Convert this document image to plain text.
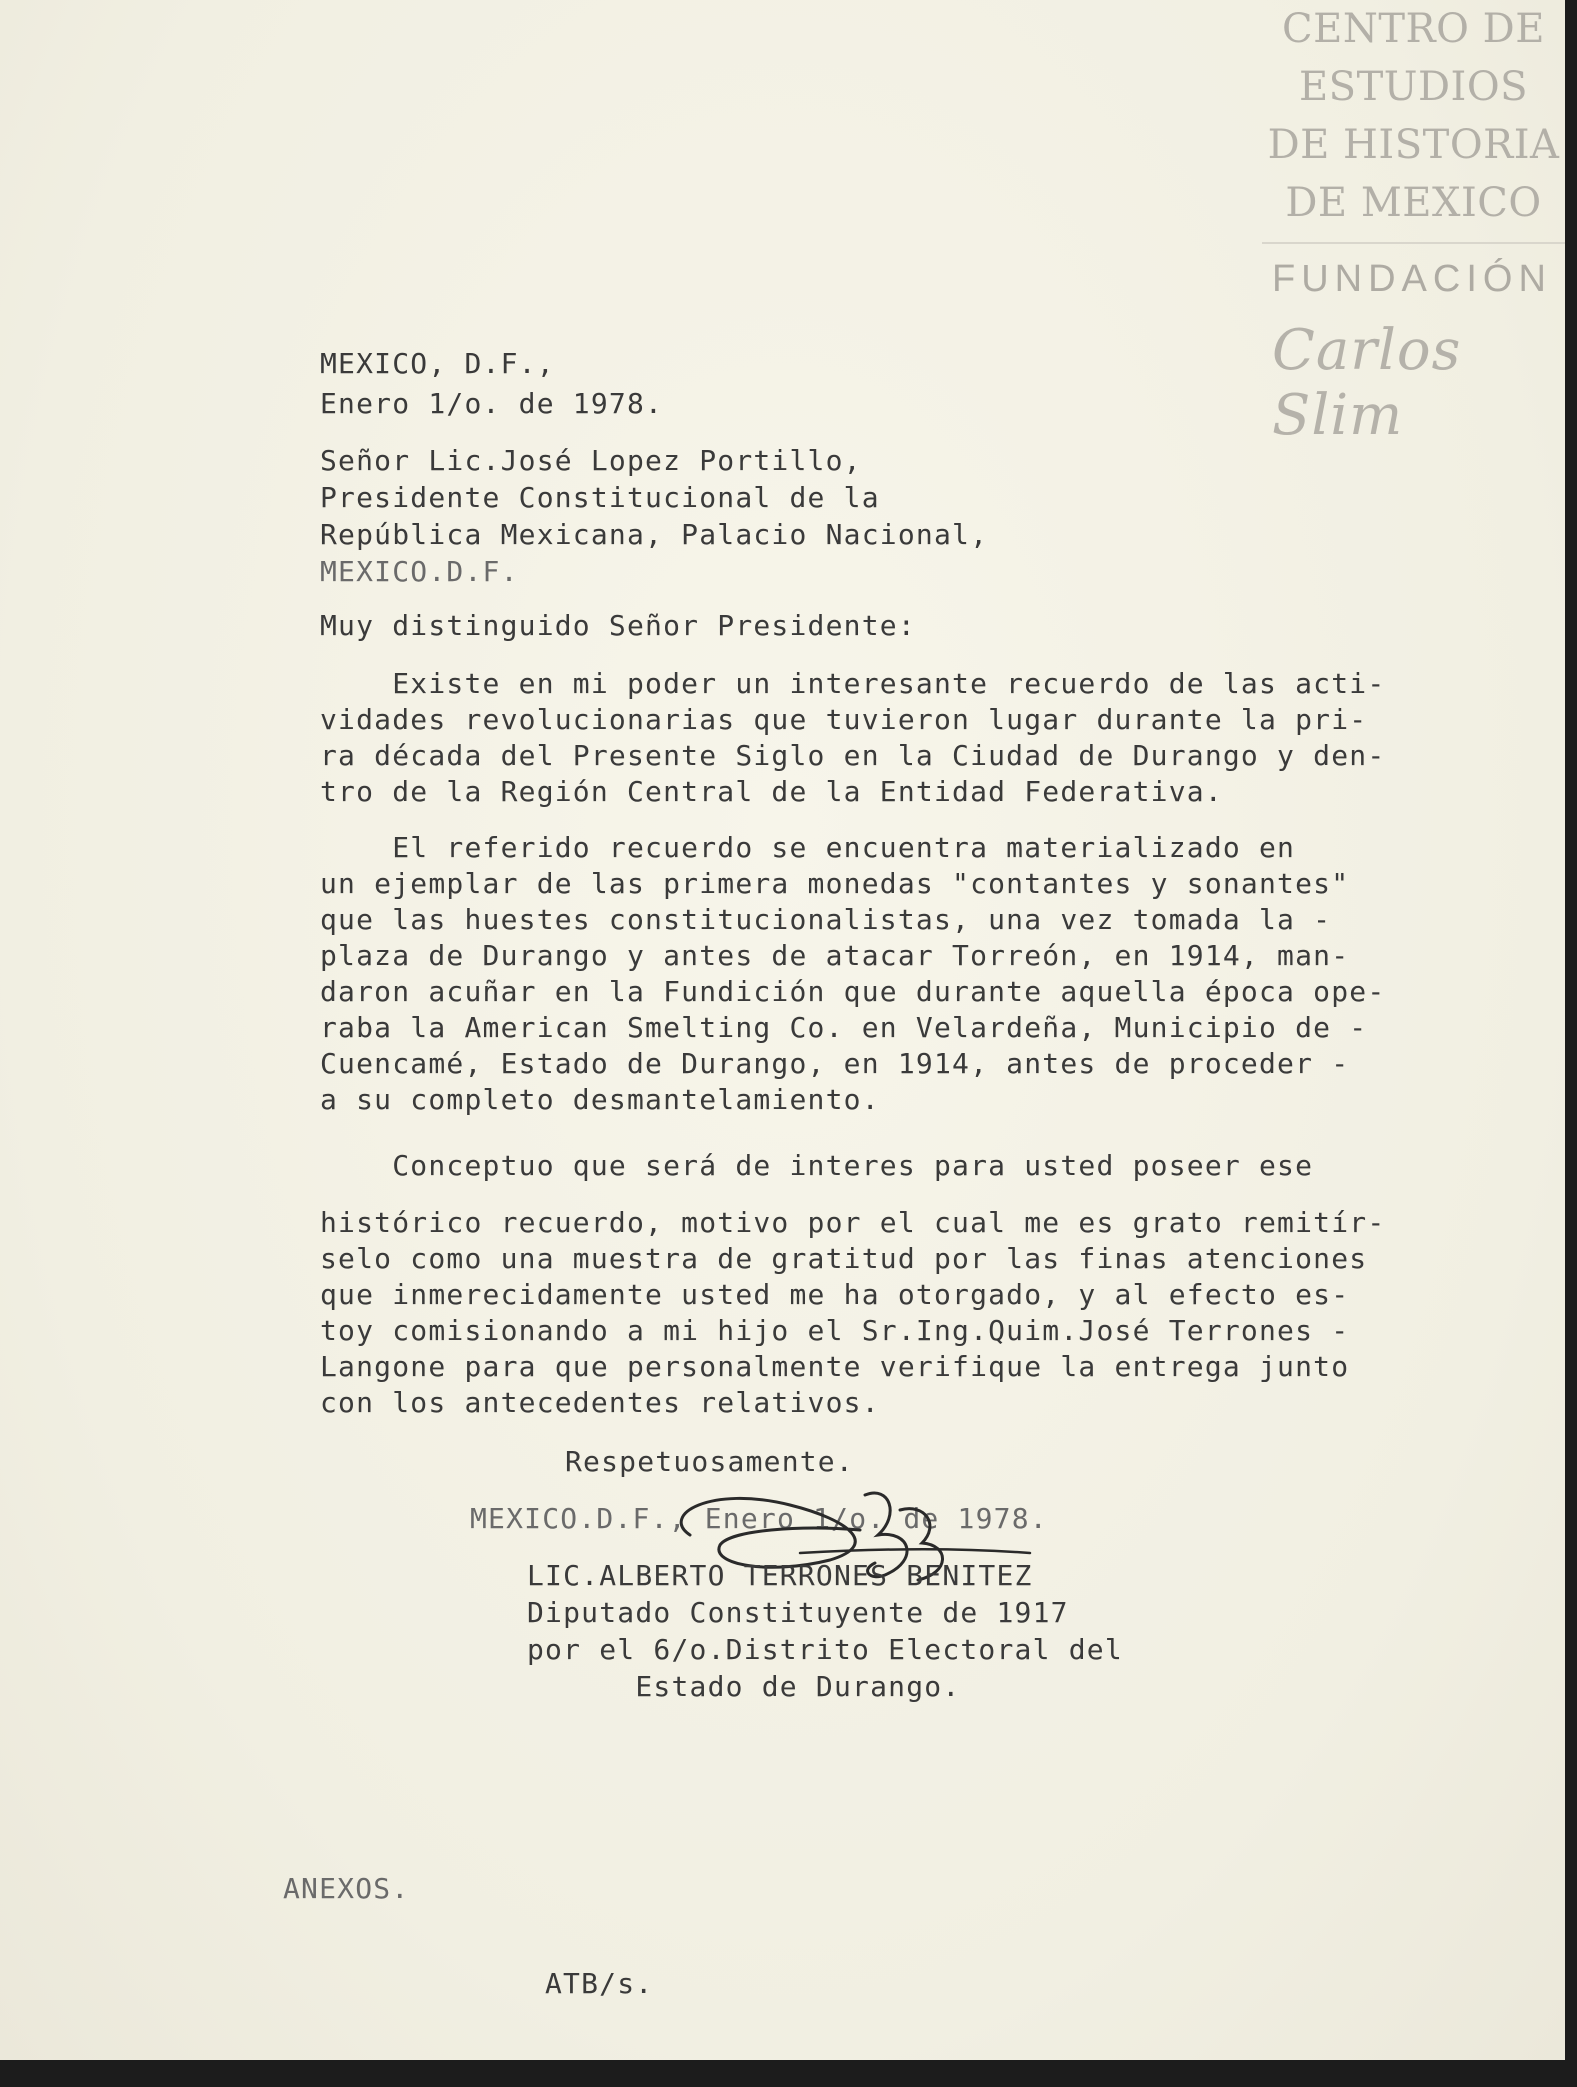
CENTRO DE
ESTUDIOS
DE HISTORIA
DE MEXICO
FUNDACIÓN
Carlos Slim
MEXICO, D.F.,
Enero 1/o. de 1978.
Señor Lic.José Lopez Portillo,
Presidente Constitucional de la
República Mexicana, Palacio Nacional,
MEXICO.D.F.
Muy distinguido Señor Presidente:
Existe en mi poder un interesante recuerdo de las acti-
vidades revolucionarias que tuvieron lugar durante la pri-
ra década del Presente Siglo en la Ciudad de Durango y den-
tro de la Región Central de la Entidad Federativa.
El referido recuerdo se encuentra materializado en
un ejemplar de las primera monedas "contantes y sonantes"
que las huestes constitucionalistas, una vez tomada la -
plaza de Durango y antes de atacar Torreón, en 1914, man-
daron acuñar en la Fundición que durante aquella época ope-
raba la American Smelting Co. en Velardeña, Municipio de -
Cuencamé, Estado de Durango, en 1914, antes de proceder -
a su completo desmantelamiento.
Conceptuo que será de interes para usted poseer ese
histórico recuerdo, motivo por el cual me es grato remitír-
selo como una muestra de gratitud por las finas atenciones
que inmerecidamente usted me ha otorgado, y al efecto es-
toy comisionando a mi hijo el Sr.Ing.Quim.José Terrones -
Langone para que personalmente verifique la entrega junto
con los antecedentes relativos.
Respetuosamente.
MEXICO.D.F., Enero 1/o. de 1978.
LIC.ALBERTO TERRONES BENITEZ
Diputado Constituyente de 1917
por el 6/o.Distrito Electoral del
Estado de Durango.
ANEXOS.
ATB/s.
